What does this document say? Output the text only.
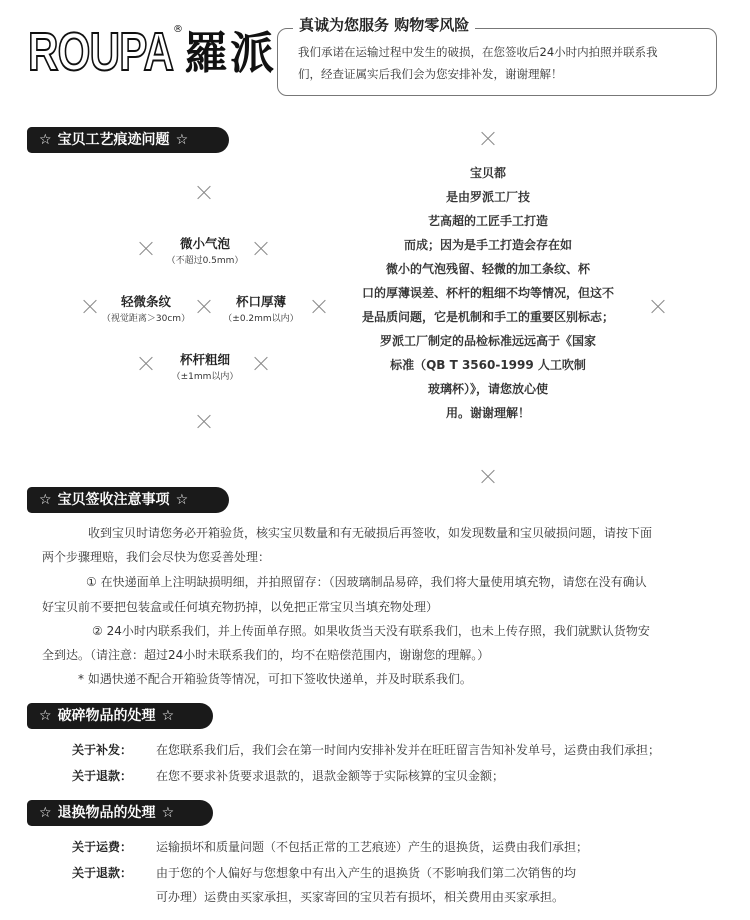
ROUPA ® 羅派
真诚为您服务 购物零风险
我们承诺在运输过程中发生的破损，在您签收后24小时内拍照并联系我
们，经查证属实后我们会为您安排补发，谢谢理解！
☆ 宝贝工艺痕迹问题 ☆
微小气泡
（不超过0.5mm）
轻微条纹
（视觉距离＞30cm）
杯口厚薄
（±0.2mm以内）
杯杆粗细
（±1mm以内）
宝贝都
是由罗派工厂技
艺高超的工匠手工打造
而成；因为是手工打造会存在如
微小的气泡残留、轻微的加工条纹、杯
口的厚薄误差、杯杆的粗细不均等情况，但这不
是品质问题，它是机制和手工的重要区别标志；
罗派工厂制定的品检标准远远高于《国家
标准（QB T 3560-1999 人工吹制
玻璃杯）》，请您放心使
用。谢谢理解！
☆ 宝贝签收注意事项 ☆
收到宝贝时请您务必开箱验货，核实宝贝数量和有无破损后再签收，如发现数量和宝贝破损问题，请按下面
两个步骤理赔，我们会尽快为您妥善处理：
① 在快递面单上注明缺损明细，并拍照留存：（因玻璃制品易碎，我们将大量使用填充物，请您在没有确认
好宝贝前不要把包装盒或任何填充物扔掉，以免把正常宝贝当填充物处理）
② 24小时内联系我们，并上传面单存照。如果收货当天没有联系我们，也未上传存照，我们就默认货物安
全到达。（请注意：超过24小时未联系我们的，均不在赔偿范围内，谢谢您的理解。）
* 如遇快递不配合开箱验货等情况，可扣下签收快递单，并及时联系我们。
☆ 破碎物品的处理 ☆
关于补发： 在您联系我们后，我们会在第一时间内安排补发并在旺旺留言告知补发单号，运费由我们承担；
关于退款： 在您不要求补货要求退款的，退款金额等于实际核算的宝贝金额；
☆ 退换物品的处理 ☆
关于运费： 运输损坏和质量问题（不包括正常的工艺痕迹）产生的退换货，运费由我们承担；
关于退款： 由于您的个人偏好与您想象中有出入产生的退换货（不影响我们第二次销售的均
可办理）运费由买家承担，买家寄回的宝贝若有损坏，相关费用由买家承担。
